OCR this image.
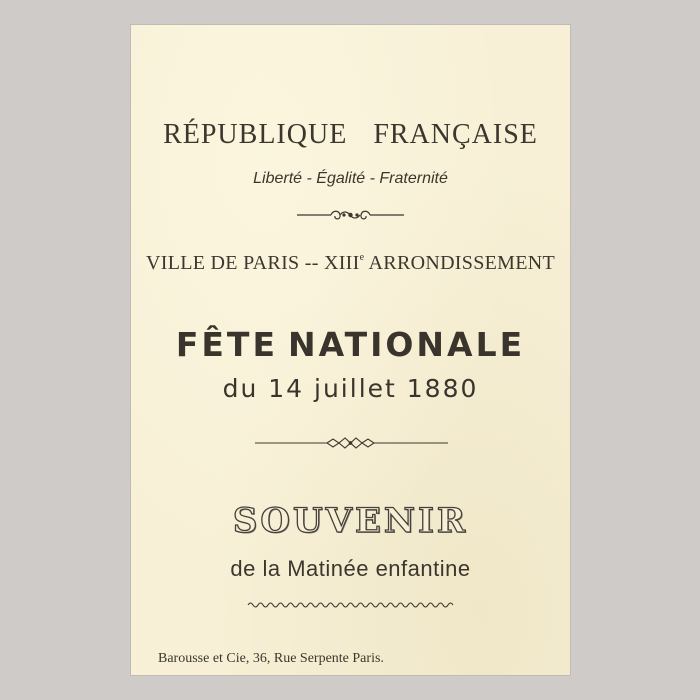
RÉPUBLIQUE FRANÇAISE
Liberté - Égalité - Fraternité
VILLE DE PARIS -- XIIIe ARRONDISSEMENT
FÊTE NATIONALE
du 14 juillet 1880
SOUVENIR
de la Matinée enfantine
Barousse et Cie, 36, Rue Serpente Paris.
